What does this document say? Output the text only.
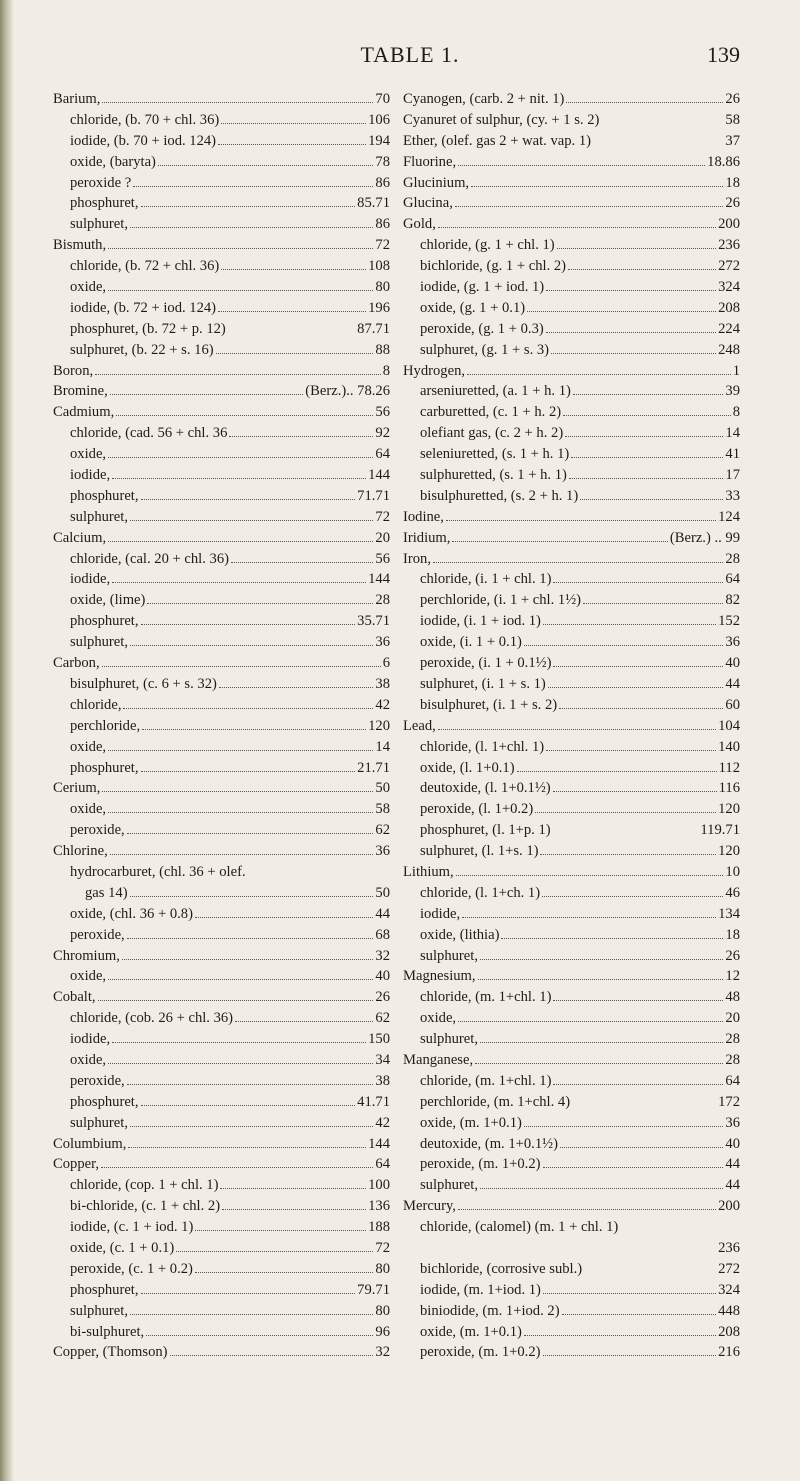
TABLE 1.	139
Barium,	70
chloride, (b. 70 + chl. 36)	106
iodide, (b. 70 + iod. 124)	194
oxide, (baryta)	78
peroxide ?	86
phosphuret,	85.71
sulphuret,	86
Bismuth,	72
chloride, (b. 72 + chl. 36)	108
oxide,	80
iodide, (b. 72 + iod. 124)	196
phosphuret, (b. 72 + p. 12)	87.71
sulphuret, (b. 22 + s. 16)	88
Boron,	8
Bromine,	(Berz.).. 78.26
Cadmium,	56
chloride, (cad. 56 + chl. 36	92
oxide,	64
iodide,	144
phosphuret,	71.71
sulphuret,	72
Calcium,	20
chloride, (cal. 20 + chl. 36)	56
iodide,	144
oxide, (lime)	28
phosphuret,	35.71
sulphuret,	36
Carbon,	6
bisulphuret, (c. 6 + s. 32)	38
chloride,	42
perchloride,	120
oxide,	14
phosphuret,	21.71
Cerium,	50
oxide,	58
peroxide,	62
Chlorine,	36
hydrocarburet, (chl. 36 + olef.
gas 14)	50
oxide, (chl. 36 + 0.8)	44
peroxide,	68
Chromium,	32
oxide,	40
Cobalt,	26
chloride, (cob. 26 + chl. 36)	62
iodide,	150
oxide,	34
peroxide,	38
phosphuret,	41.71
sulphuret,	42
Columbium,	144
Copper,	64
chloride, (cop. 1 + chl. 1)	100
bi-chloride, (c. 1 + chl. 2)	136
iodide, (c. 1 + iod. 1)	188
oxide, (c. 1 + 0.1)	72
peroxide, (c. 1 + 0.2)	80
phosphuret,	79.71
sulphuret,	80
bi-sulphuret,	96
Copper, (Thomson)	32
Cyanogen, (carb. 2 + nit. 1)	26
Cyanuret of sulphur, (cy. + 1 s. 2)	58
Ether, (olef. gas 2 + wat. vap. 1)	37
Fluorine,	18.86
Glucinium,	18
Glucina,	26
Gold,	200
chloride, (g. 1 + chl. 1)	236
bichloride, (g. 1 + chl. 2)	272
iodide, (g. 1 + iod. 1)	324
oxide, (g. 1 + 0.1)	208
peroxide, (g. 1 + 0.3)	224
sulphuret, (g. 1 + s. 3)	248
Hydrogen,	1
arseniuretted, (a. 1 + h. 1)	39
carburetted, (c. 1 + h. 2)	8
olefiant gas, (c. 2 + h. 2)	14
seleniuretted, (s. 1 + h. 1)	41
sulphuretted, (s. 1 + h. 1)	17
bisulphuretted, (s. 2 + h. 1)	33
Iodine,	124
Iridium,	(Berz.) .. 99
Iron,	28
chloride, (i. 1 + chl. 1)	64
perchloride, (i. 1 + chl. 1½)	82
iodide, (i. 1 + iod. 1)	152
oxide, (i. 1 + 0.1)	36
peroxide, (i. 1 + 0.1½)	40
sulphuret, (i. 1 + s. 1)	44
bisulphuret, (i. 1 + s. 2)	60
Lead,	104
chloride, (l. 1+chl. 1)	140
oxide, (l. 1+0.1)	112
deutoxide, (l. 1+0.1½)	116
peroxide, (l. 1+0.2)	120
phosphuret, (l. 1+p. 1)	119.71
sulphuret, (l. 1+s. 1)	120
Lithium,	10
chloride, (l. 1+ch. 1)	46
iodide,	134
oxide, (lithia)	18
sulphuret,	26
Magnesium,	12
chloride, (m. 1+chl. 1)	48
oxide,	20
sulphuret,	28
Manganese,	28
chloride, (m. 1+chl. 1)	64
perchloride, (m. 1+chl. 4)	172
oxide, (m. 1+0.1)	36
deutoxide, (m. 1+0.1½)	40
peroxide, (m. 1+0.2)	44
sulphuret,	44
Mercury,	200
chloride, (calomel) (m. 1 + chl. 1)
236
bichloride, (corrosive subl.)	272
iodide, (m. 1+iod. 1)	324
biniodide, (m. 1+iod. 2)	448
oxide, (m. 1+0.1)	208
peroxide, (m. 1+0.2)	216
